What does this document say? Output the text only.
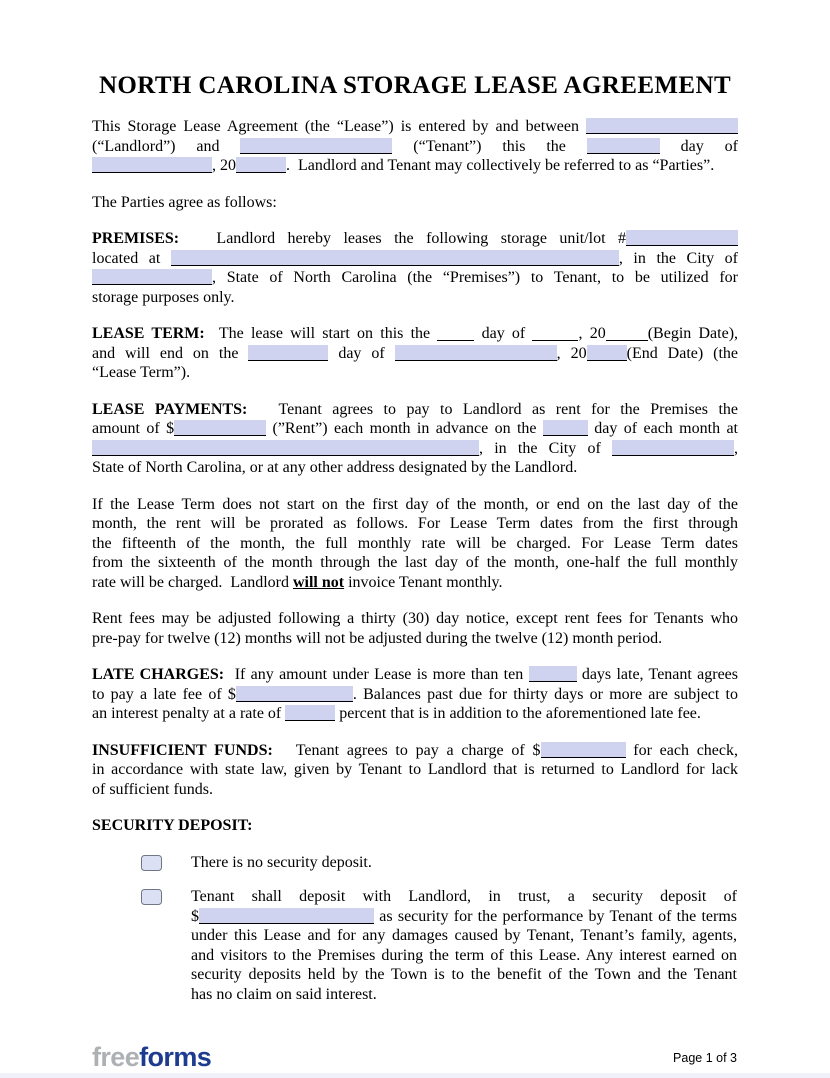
NORTH CAROLINA STORAGE LEASE AGREEMENT
This Storage Lease Agreement (the “Lease”) is entered by and between
(“Landlord”) and	(“Tenant”) this the	day of
, 20	.  Landlord and Tenant may collectively be referred to as “Parties”.
The Parties agree as follows:
PREMISES:   Landlord hereby leases the following storage unit/lot #
located at	, in the City of
, State of North Carolina (the “Premises”) to Tenant, to be utilized for
storage purposes only.
LEASE TERM:  The lease will start on this the  day of	, 20	(Begin Date),
and will end on the	day of	, 20	(End Date) (the
“Lease Term”).
LEASE PAYMENTS:   Tenant agrees to pay to Landlord as rent for the Premises the
amount of $	(”Rent”) each month in advance on the	day of each month at
, in the City of	,
State of North Carolina, or at any other address designated by the Landlord.
If the Lease Term does not start on the first day of the month, or end on the last day of the
month, the rent will be prorated as follows. For Lease Term dates from the first through
the fifteenth of the month, the full monthly rate will be charged. For Lease Term dates
from the sixteenth of the month through the last day of the month, one-half the full monthly
rate will be charged.  Landlord will not invoice Tenant monthly.
Rent fees may be adjusted following a thirty (30) day notice, except rent fees for Tenants who
pre-pay for twelve (12) months will not be adjusted during the twelve (12) month period.
LATE CHARGES:  If any amount under Lease is more than ten	days late, Tenant agrees
to pay a late fee of $	. Balances past due for thirty days or more are subject to
an interest penalty at a rate of	percent that is in addition to the aforementioned late fee.
INSUFFICIENT FUNDS:   Tenant agrees to pay a charge of $	for each check,
in accordance with state law, given by Tenant to Landlord that is returned to Landlord for lack
of sufficient funds.
SECURITY DEPOSIT:
There is no security deposit.
Tenant shall deposit with Landlord, in trust, a security deposit of
$	as security for the performance by Tenant of the terms
under this Lease and for any damages caused by Tenant, Tenant’s family, agents,
and visitors to the Premises during the term of this Lease. Any interest earned on
security deposits held by the Town is to the benefit of the Town and the Tenant
has no claim on said interest.
freeforms	Page 1 of 3
